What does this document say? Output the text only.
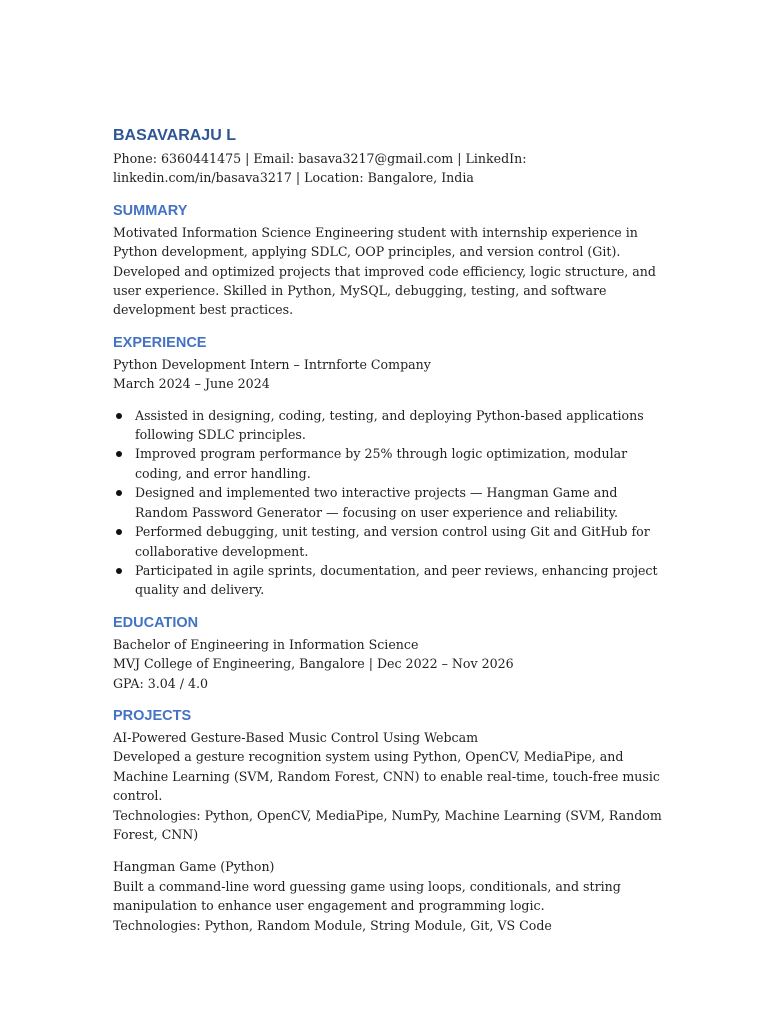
BASAVARAJU L
Phone: 6360441475 | Email: basava3217@gmail.com | LinkedIn:
linkedin.com/in/basava3217 | Location: Bangalore, India
SUMMARY
Motivated Information Science Engineering student with internship experience in Python development, applying SDLC, OOP principles, and version control (Git). Developed and optimized projects that improved code efficiency, logic structure, and user experience. Skilled in Python, MySQL, debugging, testing, and software development best practices.
EXPERIENCE
Python Development Intern – Intrnforte Company
March 2024 – June 2024
Assisted in designing, coding, testing, and deploying Python-based applications following SDLC principles.
Improved program performance by 25% through logic optimization, modular coding, and error handling.
Designed and implemented two interactive projects — Hangman Game and Random Password Generator — focusing on user experience and reliability.
Performed debugging, unit testing, and version control using Git and GitHub for collaborative development.
Participated in agile sprints, documentation, and peer reviews, enhancing project quality and delivery.
EDUCATION
Bachelor of Engineering in Information Science
MVJ College of Engineering, Bangalore | Dec 2022 – Nov 2026
GPA: 3.04 / 4.0
PROJECTS
AI-Powered Gesture-Based Music Control Using Webcam
Developed a gesture recognition system using Python, OpenCV, MediaPipe, and Machine Learning (SVM, Random Forest, CNN) to enable real-time, touch-free music control.
Technologies: Python, OpenCV, MediaPipe, NumPy, Machine Learning (SVM, Random Forest, CNN)
Hangman Game (Python)
Built a command-line word guessing game using loops, conditionals, and string manipulation to enhance user engagement and programming logic.
Technologies: Python, Random Module, String Module, Git, VS Code
